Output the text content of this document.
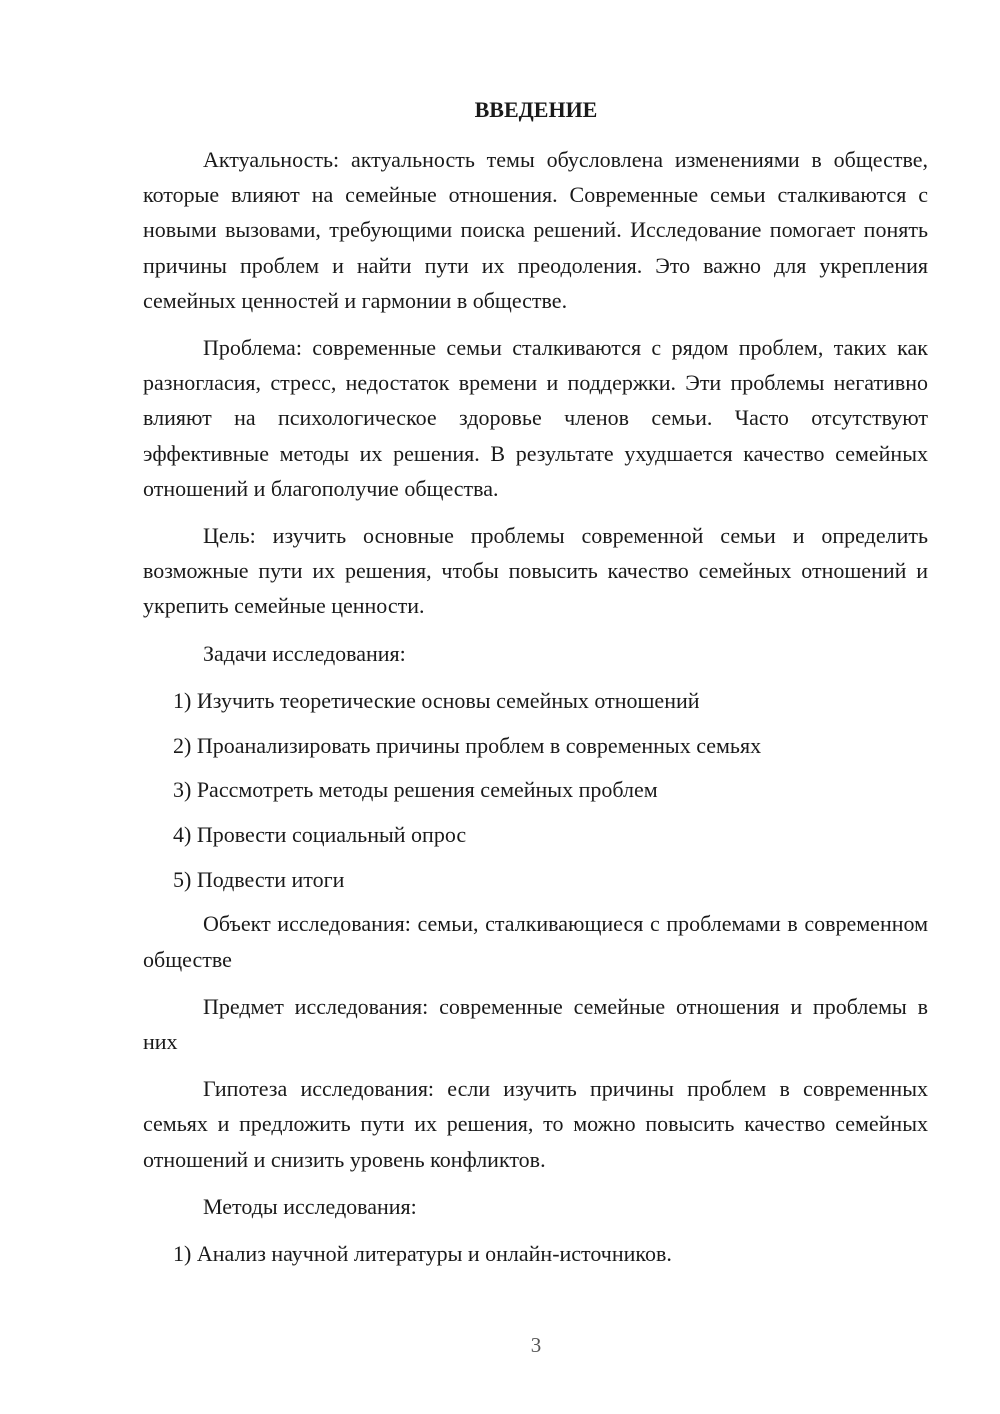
ВВЕДЕНИЕ

Актуальность: актуальность темы обусловлена изменениями в обществе, которые влияют на семейные отношения. Современные семьи сталкиваются с новыми вызовами, требующими поиска решений. Исследование помогает понять причины проблем и найти пути их преодоления. Это важно для укрепления семейных ценностей и гармонии в обществе.

Проблема: современные семьи сталкиваются с рядом проблем, таких как разногласия, стресс, недостаток времени и поддержки. Эти проблемы негативно влияют на психологическое здоровье членов семьи. Часто отсутствуют эффективные методы их решения. В результате ухудшается качество семейных отношений и благополучие общества.

Цель: изучить основные проблемы современной семьи и определить возможные пути их решения, чтобы повысить качество семейных отношений и укрепить семейные ценности.

Задачи исследования:

1) Изучить теоретические основы семейных отношений

2) Проанализировать причины проблем в современных семьях

3) Рассмотреть методы решения семейных проблем

4) Провести социальный опрос

5) Подвести итоги

Объект исследования: семьи, сталкивающиеся с проблемами в современном обществе

Предмет исследования: современные семейные отношения и проблемы в них

Гипотеза исследования: если изучить причины проблем в современных семьях и предложить пути их решения, то можно повысить качество семейных отношений и снизить уровень конфликтов.

Методы исследования:

1) Анализ научной литературы и онлайн-источников.

3
